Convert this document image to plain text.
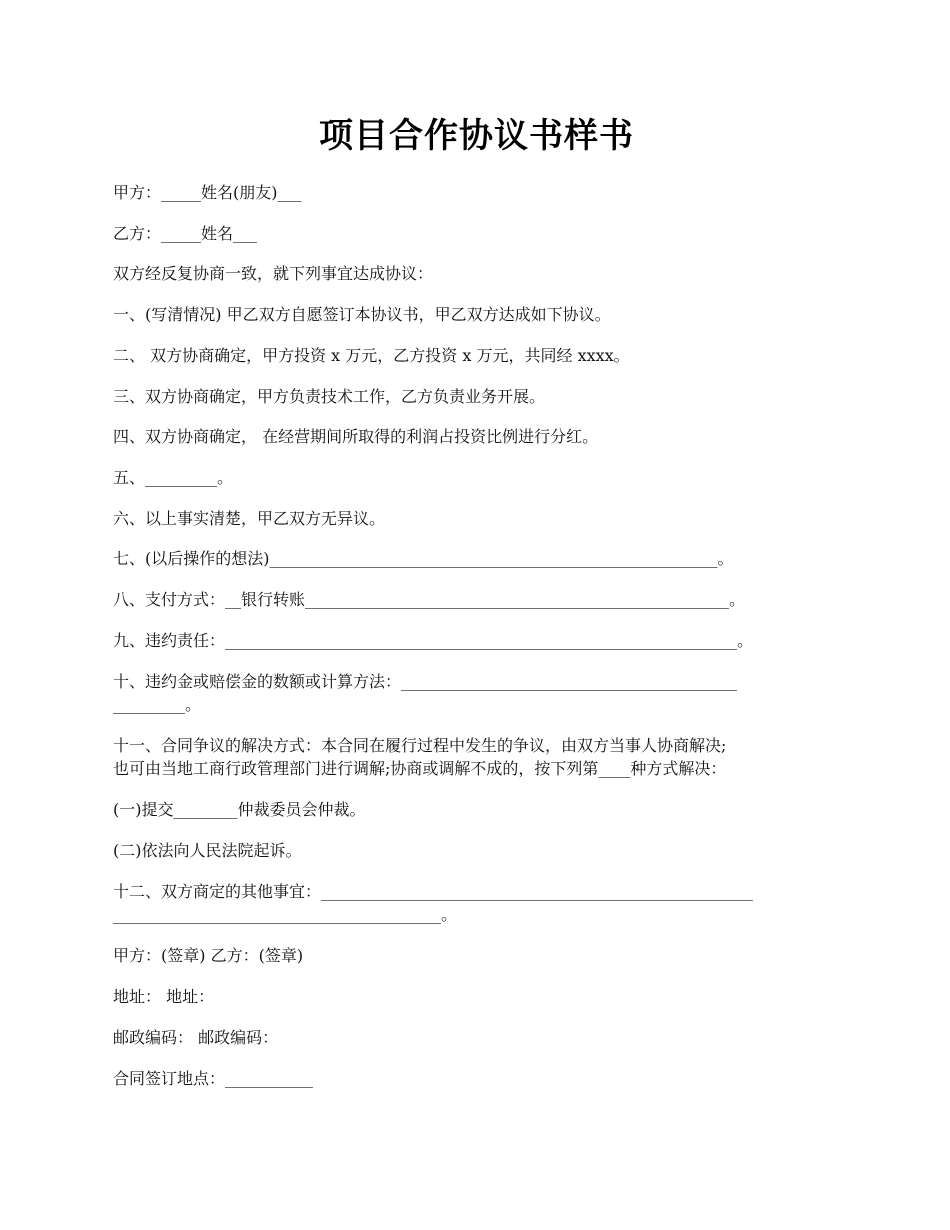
项目合作协议书样书
甲方：_____姓名(朋友)___
乙方：_____姓名___
双方经反复协商一致，就下列事宜达成协议：
一、(写清情况) 甲乙双方自愿签订本协议书，甲乙双方达成如下协议。
二、 双方协商确定，甲方投资 x 万元，乙方投资 x 万元，共同经 xxxx。
三、双方协商确定，甲方负责技术工作，乙方负责业务开展。
四、双方协商确定， 在经营期间所取得的利润占投资比例进行分红。
五、_________。
六、以上事实清楚，甲乙双方无异议。
七、(以后操作的想法)________________________________________________________。
八、支付方式：__银行转账_____________________________________________________。
九、违约责任：________________________________________________________________。
十、违约金或赔偿金的数额或计算方法：__________________________________________
_________。
十一、合同争议的解决方式：本合同在履行过程中发生的争议，由双方当事人协商解决;
也可由当地工商行政管理部门进行调解;协商或调解不成的，按下列第____种方式解决：
(一)提交________仲裁委员会仲裁。
(二)依法向人民法院起诉。
十二、双方商定的其他事宜：______________________________________________________
_________________________________________。
甲方：(签章) 乙方：(签章)
地址： 地址：
邮政编码： 邮政编码：
合同签订地点：___________
